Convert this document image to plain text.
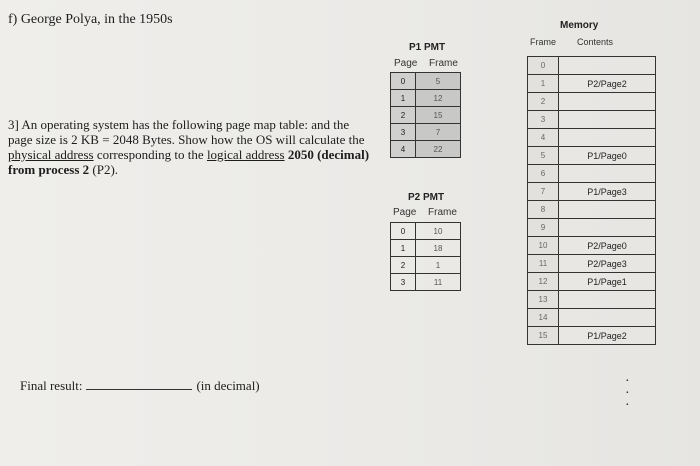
f) George Polya, in the 1950s
3] An operating system has the following page map table: and the page size is 2 KB = 2048 Bytes. Show how the OS will calculate the physical address corresponding to the logical address 2050 (decimal) from process 2 (P2).
Final result:	(in decimal)
P1 PMT
Page Frame
0	5
1	12
2	15
3	7
4	22
P2 PMT
Page Frame
0	10
1	18
2	1
3	11
Memory
Frame Contents
0	
1	P2/Page2
2	
3	
4	
5	P1/Page0
6	
7	P1/Page3
8	
9	
10	P2/Page0
11	P2/Page3
12	P1/Page1
13	
14	
15	P1/Page2
·
·
·
